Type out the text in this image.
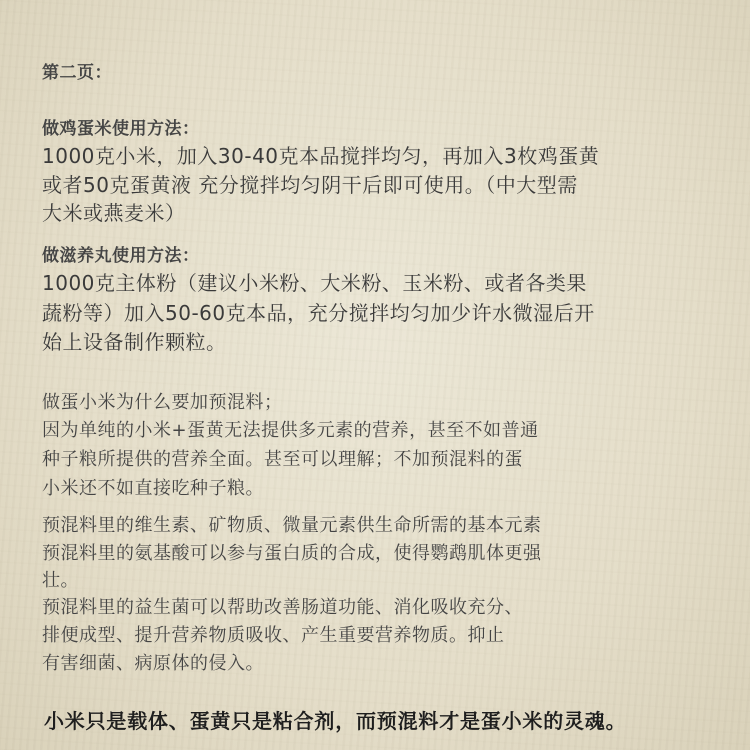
第二页：

做鸡蛋米使用方法：

1000克小米，加入30-40克本品搅拌均匀，再加入3枚鸡蛋黄

或者50克蛋黄液 充分搅拌均匀阴干后即可使用。（中大型需

大米或燕麦米）

做滋养丸使用方法：

1000克主体粉（建议小米粉、大米粉、玉米粉、或者各类果

蔬粉等）加入50-60克本品，充分搅拌均匀加少许水微湿后开

始上设备制作颗粒。

做蛋小米为什么要加预混料；

因为单纯的小米+蛋黄无法提供多元素的营养，甚至不如普通

种子粮所提供的营养全面。甚至可以理解；不加预混料的蛋

小米还不如直接吃种子粮。

预混料里的维生素、矿物质、微量元素供生命所需的基本元素

预混料里的氨基酸可以参与蛋白质的合成，使得鹦鹉肌体更强

壮。

预混料里的益生菌可以帮助改善肠道功能、消化吸收充分、

排便成型、提升营养物质吸收、产生重要营养物质。抑止

有害细菌、病原体的侵入。

小米只是载体、蛋黄只是粘合剂，而预混料才是蛋小米的灵魂。
